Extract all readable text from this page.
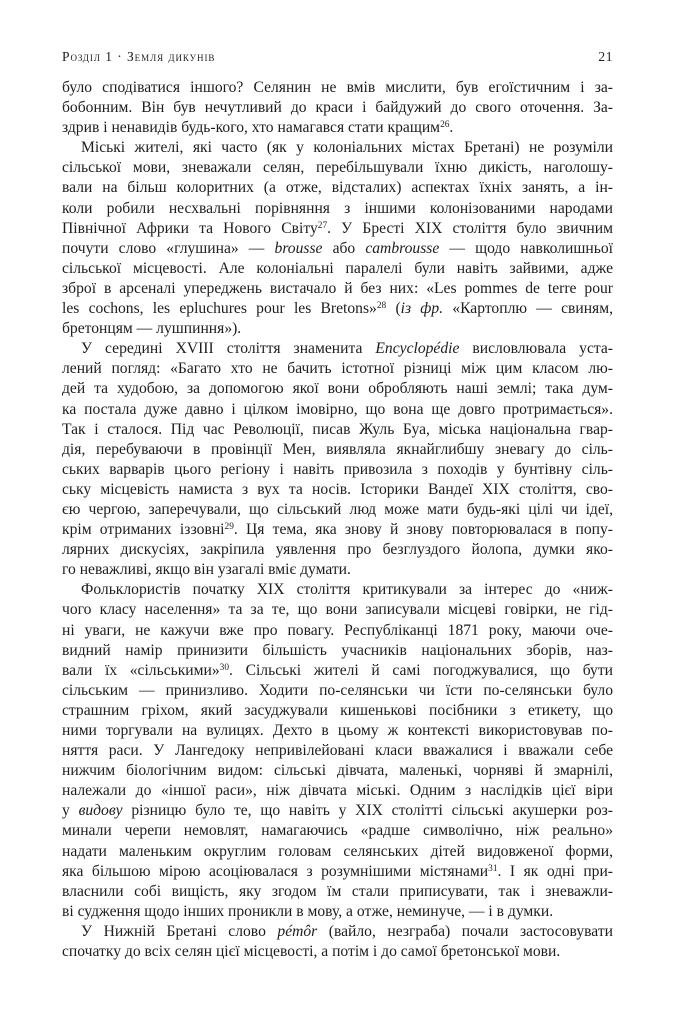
Розділ 1 · Земля дикунів	21
було сподіватися іншого? Селянин не вмів мислити, був егоїстичним і за-
бобонним. Він був нечутливий до краси і байдужий до свого оточення. За-
здрив і ненавидів будь-кого, хто намагався стати кращим$^{26}$.
Міські жителі, які часто (як у колоніальних містах Бретані) не розуміли
сільської мови, зневажали селян, перебільшували їхню дикість, наголошу-
вали на більш колоритних (а отже, відсталих) аспектах їхніх занять, а ін-
коли робили несхвальні порівняння з іншими колонізованими народами
Північної Африки та Нового Світу$^{27}$. У Бресті XIX століття було звичним
почути слово «глушина» — brousse або cambrousse — щодо навколишньої
сільської місцевості. Але колоніальні паралелі були навіть зайвими, адже
зброї в арсеналі упереджень вистачало й без них: «Les pommes de terre pour
les cochons, les epluchures pour les Bretons»$^{28}$ (із фр. «Картоплю — свиням,
бретонцям — лушпиння»).
У середині XVIII століття знаменита Encyclopédie висловлювала уста-
лений погляд: «Багато хто не бачить істотної різниці між цим класом лю-
дей та худобою, за допомогою якої вони обробляють наші землі; така дум-
ка постала дуже давно і цілком імовірно, що вона ще довго протримається».
Так і сталося. Під час Революції, писав Жуль Буа, міська національна гвар-
дія, перебуваючи в провінції Мен, виявляла якнайглибшу зневагу до сіль-
ських варварів цього регіону і навіть привозила з походів у бунтівну сіль-
ську місцевість намиста з вух та носів. Історики Вандеї XIX століття, сво-
єю чергою, заперечували, що сільський люд може мати будь-які цілі чи ідеї,
крім отриманих іззовні$^{29}$. Ця тема, яка знову й знову повторювалася в попу-
лярних дискусіях, закріпила уявлення про безглуздого йолопа, думки яко-
го неважливі, якщо він узагалі вміє думати.
Фольклористів початку XIX століття критикували за інтерес до «ниж-
чого класу населення» та за те, що вони записували місцеві говірки, не гід-
ні уваги, не кажучи вже про повагу. Республіканці 1871 року, маючи оче-
видний намір принизити більшість учасників національних зборів, наз-
вали їх «сільськими»$^{30}$. Сільські жителі й самі погоджувалися, що бути
сільським — принизливо. Ходити по-селянськи чи їсти по-селянськи було
страшним гріхом, який засуджували кишенькові посібники з етикету, що
ними торгували на вулицях. Дехто в цьому ж контексті використовував по-
няття раси. У Лангедоку непривілейовані класи вважалися і вважали себе
нижчим біологічним видом: сільські дівчата, маленькі, чорняві й змарнілі,
належали до «іншої раси», ніж дівчата міські. Одним з наслідків цієї віри
у видову різницю було те, що навіть у XIX столітті сільські акушерки роз-
минали черепи немовлят, намагаючись «радше символічно, ніж реально»
надати маленьким округлим головам селянських дітей видовженої форми,
яка більшою мірою асоціювалася з розумнішими містянами$^{31}$. І як одні при-
власнили собі вищість, яку згодом їм стали приписувати, так і зневажли-
ві судження щодо інших проникли в мову, а отже, неминуче, — і в думки.
У Нижній Бретані слово pémôr (вайло, незграба) почали застосовувати
спочатку до всіх селян цієї місцевості, а потім і до самої бретонської мови.
